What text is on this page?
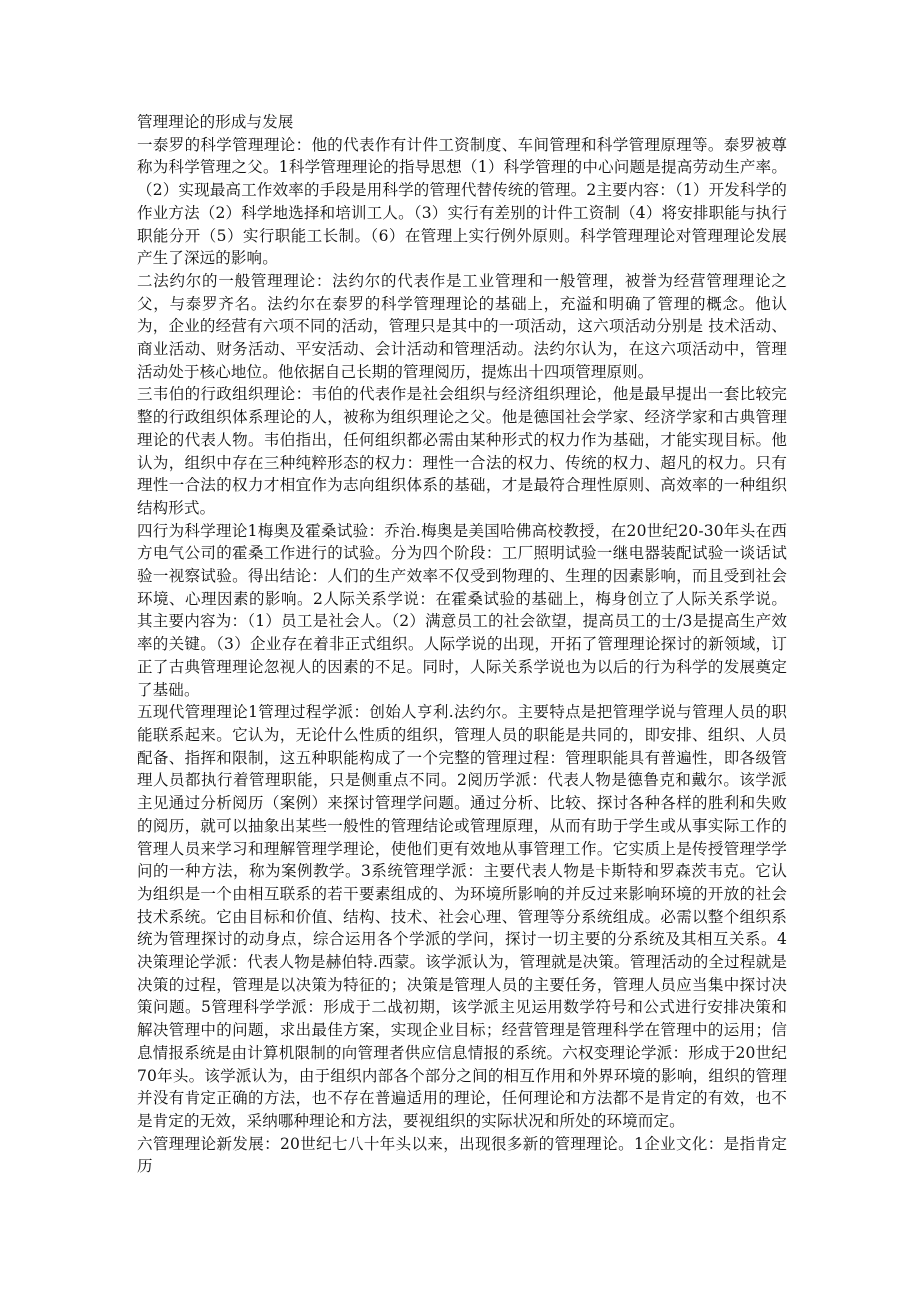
管理理论的形成与发展

一泰罗的科学管理理论：他的代表作有计件工资制度、车间管理和科学管理原理等。泰罗被尊称为科学管理之父。1科学管理理论的指导思想（1）科学管理的中心问题是提高劳动生产率。（2）实现最高工作效率的手段是用科学的管理代替传统的管理。2主要内容：（1）开发科学的作业方法（2）科学地选择和培训工人。（3）实行有差别的计件工资制（4）将安排职能与执行职能分开（5）实行职能工长制。（6）在管理上实行例外原则。科学管理理论对管理理论发展产生了深远的影响。

二法约尔的一般管理理论：法约尔的代表作是工业管理和一般管理，被誉为经营管理理论之父，与泰罗齐名。法约尔在泰罗的科学管理理论的基础上，充溢和明确了管理的概念。他认为，企业的经营有六项不同的活动，管理只是其中的一项活动，这六项活动分别是 技术活动、商业活动、财务活动、平安活动、会计活动和管理活动。法约尔认为，在这六项活动中，管理活动处于核心地位。他依据自己长期的管理阅历，提炼出十四项管理原则。

三韦伯的行政组织理论：韦伯的代表作是社会组织与经济组织理论，他是最早提出一套比较完整的行政组织体系理论的人，被称为组织理论之父。他是德国社会学家、经济学家和古典管理理论的代表人物。韦伯指出，任何组织都必需由某种形式的权力作为基础，才能实现目标。他认为，组织中存在三种纯粹形态的权力：理性一合法的权力、传统的权力、超凡的权力。只有理性一合法的权力才相宜作为志向组织体系的基础，才是最符合理性原则、高效率的一种组织结构形式。

四行为科学理论1梅奥及霍桑试验：乔治.梅奥是美国哈佛高校教授，在20世纪20-30年头在西方电气公司的霍桑工作进行的试验。分为四个阶段：工厂照明试验一继电器装配试验一谈话试验一视察试验。得出结论：人们的生产效率不仅受到物理的、生理的因素影响，而且受到社会环境、心理因素的影响。2人际关系学说：在霍桑试验的基础上，梅身创立了人际关系学说。其主要内容为：（1）员工是社会人。（2）满意员工的社会欲望，提高员工的士/3是提高生产效率的关键。（3）企业存在着非正式组织。人际学说的出现，开拓了管理理论探讨的新领域，订正了古典管理理论忽视人的因素的不足。同时，人际关系学说也为以后的行为科学的发展奠定了基础。

五现代管理理论1管理过程学派：创始人亨利.法约尔。主要特点是把管理学说与管理人员的职能联系起来。它认为，无论什么性质的组织，管理人员的职能是共同的，即安排、组织、人员配备、指挥和限制，这五种职能构成了一个完整的管理过程：管理职能具有普遍性，即各级管理人员都执行着管理职能，只是侧重点不同。2阅历学派：代表人物是德鲁克和戴尔。该学派主见通过分析阅历（案例）来探讨管理学问题。通过分析、比较、探讨各种各样的胜利和失败的阅历，就可以抽象出某些一般性的管理结论或管理原理，从而有助于学生或从事实际工作的管理人员来学习和理解管理学理论，使他们更有效地从事管理工作。它实质上是传授管理学学问的一种方法，称为案例教学。3系统管理学派：主要代表人物是卡斯特和罗森茨韦克。它认为组织是一个由相互联系的若干要素组成的、为环境所影响的并反过来影响环境的开放的社会技术系统。它由目标和价值、结构、技术、社会心理、管理等分系统组成。必需以整个组织系统为管理探讨的动身点，综合运用各个学派的学问，探讨一切主要的分系统及其相互关系。4决策理论学派：代表人物是赫伯特.西蒙。该学派认为，管理就是决策。管理活动的全过程就是决策的过程，管理是以决策为特征的；决策是管理人员的主要任务，管理人员应当集中探讨决策问题。5管理科学学派：形成于二战初期，该学派主见运用数学符号和公式进行安排决策和解决管理中的问题，求出最佳方案，实现企业目标；经营管理是管理科学在管理中的运用；信息情报系统是由计算机限制的向管理者供应信息情报的系统。六权变理论学派：形成于20世纪70年头。该学派认为，由于组织内部各个部分之间的相互作用和外界环境的影响，组织的管理并没有肯定正确的方法，也不存在普遍适用的理论，任何理论和方法都不是肯定的有效，也不是肯定的无效，采纳哪种理论和方法，要视组织的实际状况和所处的环境而定。

六管理理论新发展：20世纪七八十年头以来，出现很多新的管理理论。1企业文化：是指肯定历
